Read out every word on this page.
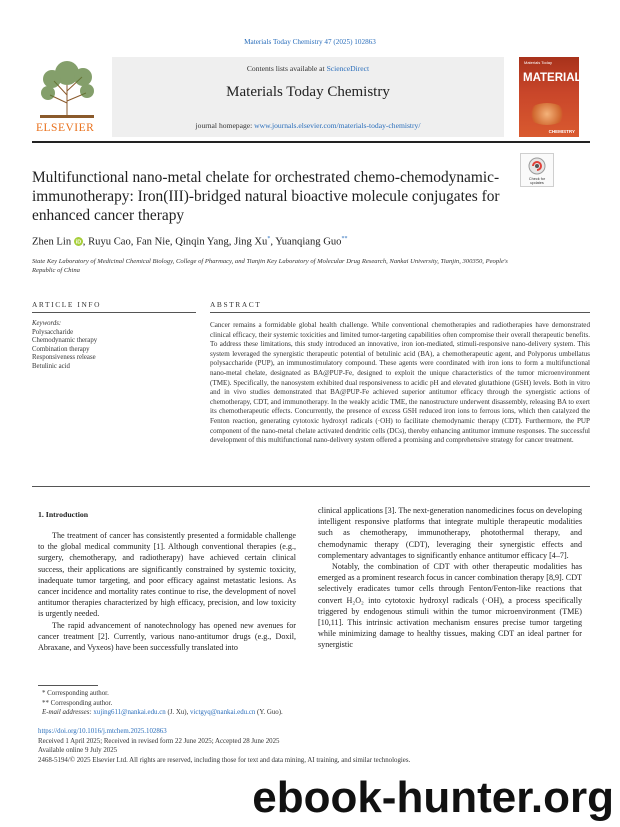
Materials Today Chemistry 47 (2025) 102863
ELSEVIER
Contents lists available at ScienceDirect
Materials Today Chemistry
journal homepage: www.journals.elsevier.com/materials-today-chemistry/
Materials Today
MATERIALS
CHEMISTRY
Multifunctional nano-metal chelate for orchestrated chemo-chemodynamic-immunotherapy: Iron(III)-bridged natural bioactive molecule conjugates for enhanced cancer therapy
Check for
updates
Zhen Lin iD , Ruyu Cao, Fan Nie, Qinqin Yang, Jing Xu*, Yuanqiang Guo**
State Key Laboratory of Medicinal Chemical Biology, College of Pharmacy, and Tianjin Key Laboratory of Molecular Drug Research, Nankai University, Tianjin, 300350, People's Republic of China
ARTICLE INFO	ABSTRACT
Keywords:
Polysaccharide
Chemodynamic therapy
Combination therapy
Responsiveness release
Betulinic acid
Cancer remains a formidable global health challenge. While conventional chemotherapies and radiotherapies have demonstrated clinical efficacy, their systemic toxicities and limited tumor-targeting capabilities often compromise their overall therapeutic benefits. To address these limitations, this study introduced an innovative, iron ion-mediated, stimuli-responsive nano-delivery system. This system leveraged the synergistic therapeutic potential of betulinic acid (BA), a chemotherapeutic agent, and Polyporus umbellatus polysaccharide (PUP), an immunostimulatory compound. These agents were coordinated with iron ions to form a multifunctional nano-metal chelate, designated as BA@PUP-Fe, designed to exploit the unique characteristics of the tumor microenvironment (TME). Specifically, the nanosystem exhibited dual responsiveness to acidic pH and elevated glutathione (GSH) levels. Both in vitro and in vivo studies demonstrated that BA@PUP-Fe achieved superior antitumor efficacy through the synergistic actions of chemotherapy, CDT, and immunotherapy. In the weakly acidic TME, the nanostructure underwent disassembly, releasing BA to exert its chemotherapeutic effects. Concurrently, the presence of excess GSH reduced iron ions to ferrous ions, which then catalyzed the Fenton reaction, generating cytotoxic hydroxyl radicals (·OH) to facilitate chemodynamic therapy (CDT). Furthermore, the PUP component of the nano-metal chelate activated dendritic cells (DCs), thereby enhancing antitumor immune responses. The successful development of this multifunctional nano-delivery system offered a promising and comprehensive strategy for cancer treatment.
1. Introduction

The treatment of cancer has consistently presented a formidable challenge to the global medical community [1]. Although conventional therapies (e.g., surgery, chemotherapy, and radiotherapy) have achieved certain clinical success, their applications are significantly constrained by systemic toxicity, inadequate tumor targeting, and poor efficacy against metastatic lesions. As cancer incidence and mortality rates continue to rise, the development of novel antitumor therapies characterized by high efficacy, precision, and low toxicity is urgently needed.

The rapid advancement of nanotechnology has opened new avenues for cancer treatment [2]. Currently, various nano-antitumor drugs (e.g., Doxil, Abraxane, and Vyxeos) have been successfully translated into

clinical applications [3]. The next-generation nanomedicines focus on developing intelligent responsive platforms that integrate multiple therapeutic modalities such as chemotherapy, immunotherapy, photothermal therapy, and chemodynamic therapy (CDT), leveraging their synergistic effects and complementary advantages to significantly enhance antitumor efficacy [4–7].

Notably, the combination of CDT with other therapeutic modalities has emerged as a prominent research focus in cancer combination therapy [8,9]. CDT selectively eradicates tumor cells through Fenton/Fenton-like reactions that convert H₂O₂ into cytotoxic hydroxyl radicals (·OH), a process specifically triggered by endogenous stimuli within the tumor microenvironment (TME) [10,11]. This intrinsic activation mechanism ensures precise tumor targeting while minimizing damage to healthy tissues, making CDT an ideal partner for synergistic

* Corresponding author.
** Corresponding author.
E-mail addresses: xujing611@nankai.edu.cn (J. Xu), victgyq@nankai.edu.cn (Y. Guo).
https://doi.org/10.1016/j.mtchem.2025.102863
Received 1 April 2025; Received in revised form 22 June 2025; Accepted 28 June 2025
Available online 9 July 2025
2468-5194/© 2025 Elsevier Ltd. All rights are reserved, including those for text and data mining, AI training, and similar technologies.
ebook-hunter.org
